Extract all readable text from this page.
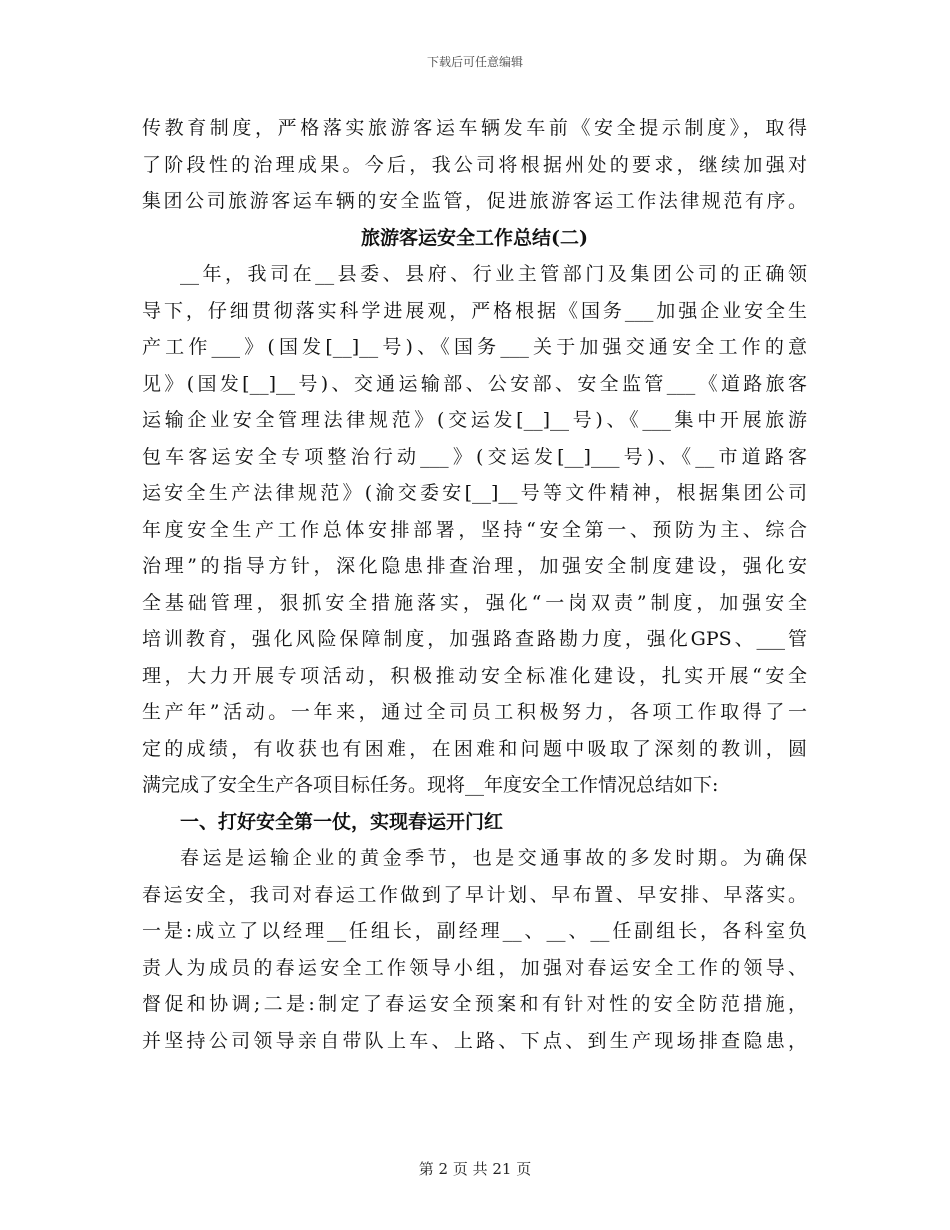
下载后可任意编辑
传教育制度，严格落实旅游客运车辆发车前《安全提示制度》，取得
了阶段性的治理成果。今后，我公司将根据州处的要求，继续加强对
集团公司旅游客运车辆的安全监管，促进旅游客运工作法律规范有序。
旅游客运安全工作总结(二)
__年，我司在__县委、县府、行业主管部门及集团公司的正确领
导下，仔细贯彻落实科学进展观，严格根据《国务___加强企业安全生
产工作___》(国发[__]__号)、《国务___关于加强交通安全工作的意
见》(国发[__]__号)、交通运输部、公安部、安全监管___《道路旅客
运输企业安全管理法律规范》(交运发[__]__号)、《___集中开展旅游
包车客运安全专项整治行动___》(交运发[__]___号)、《__市道路客
运安全生产法律规范》(渝交委安[__]__号等文件精神，根据集团公司
年度安全生产工作总体安排部署，坚持“安全第一、预防为主、综合
治理”的指导方针，深化隐患排查治理，加强安全制度建设，强化安
全基础管理，狠抓安全措施落实，强化“一岗双责”制度，加强安全
培训教育，强化风险保障制度，加强路查路勘力度，强化GPS、___管
理，大力开展专项活动，积极推动安全标准化建设，扎实开展“安全
生产年”活动。一年来，通过全司员工积极努力，各项工作取得了一
定的成绩，有收获也有困难，在困难和问题中吸取了深刻的教训，圆
满完成了安全生产各项目标任务。现将__年度安全工作情况总结如下:
一、打好安全第一仗，实现春运开门红
春运是运输企业的黄金季节，也是交通事故的多发时期。为确保
春运安全，我司对春运工作做到了早计划、早布置、早安排、早落实。
一是:成立了以经理__任组长，副经理__、__、__任副组长，各科室负
责人为成员的春运安全工作领导小组，加强对春运安全工作的领导、
督促和协调;二是:制定了春运安全预案和有针对性的安全防范措施，
并坚持公司领导亲自带队上车、上路、下点、到生产现场排查隐患，
第 2 页 共 21 页
